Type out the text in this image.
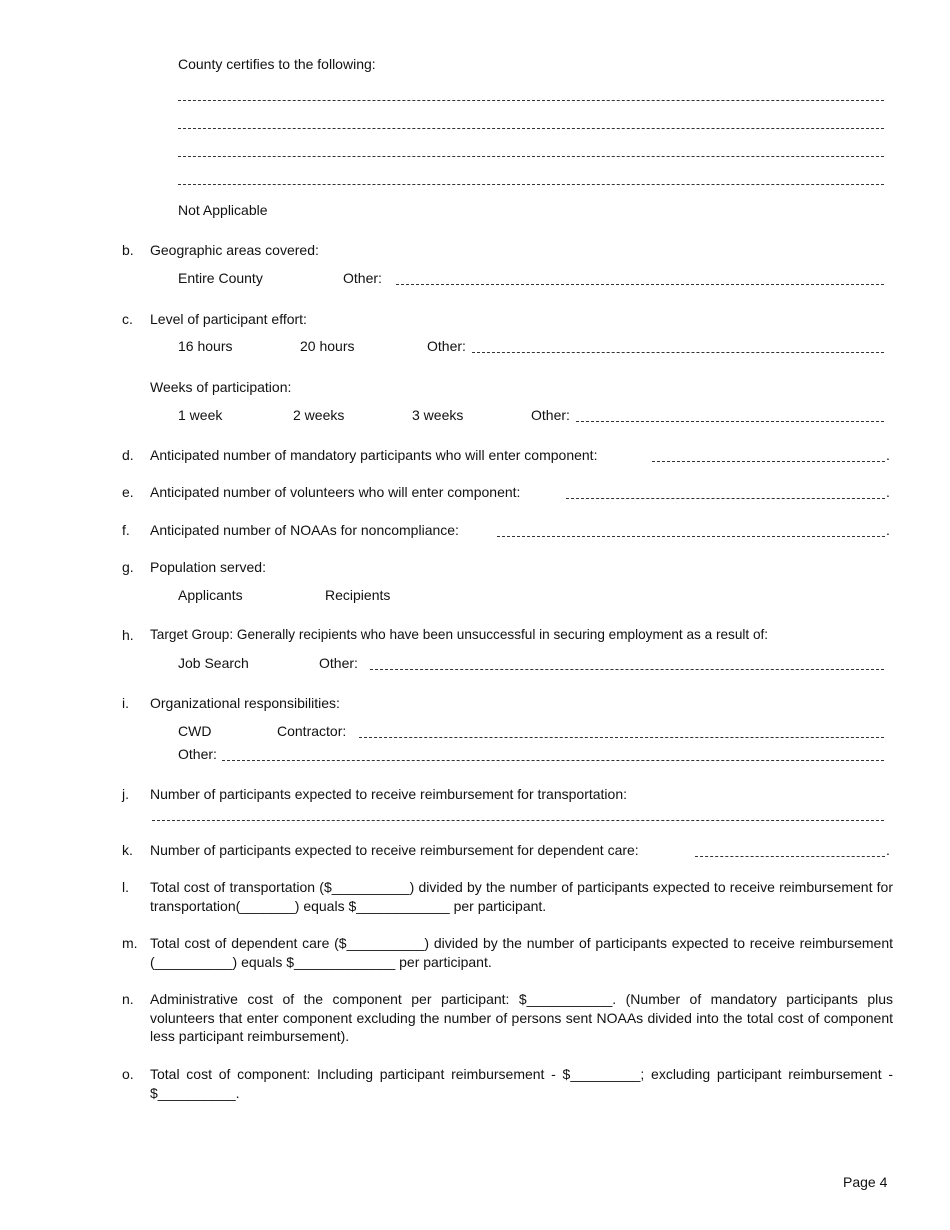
County certifies to the following:
Not Applicable
b. Geographic areas covered:
Entire County	Other:
c. Level of participant effort:
16 hours	20 hours	Other:
Weeks of participation:
1 week	2 weeks	3 weeks	Other:
d. Anticipated number of mandatory participants who will enter component:	.
e. Anticipated number of volunteers who will enter component:	.
f. Anticipated number of NOAAs for noncompliance:	.
g. Population served:
Applicants	Recipients
h. Target Group: Generally recipients who have been unsuccessful in securing employment as a result of:
Job Search	Other:
i. Organizational responsibilities:
CWD	Contractor:
Other:
j. Number of participants expected to receive reimbursement for transportation:
k. Number of participants expected to receive reimbursement for dependent care:	.
l. Total cost of transportation ($__________) divided by the number of participants expected to receive reimbursement for transportation(_______) equals $____________ per participant.
m. Total cost of dependent care ($__________) divided by the number of participants expected to receive reimbursement (__________) equals $_____________ per participant.
n. Administrative cost of the component per participant: $___________. (Number of mandatory participants plus volunteers that enter component excluding the number of persons sent NOAAs divided into the total cost of component less participant reimbursement).
o. Total cost of component: Including participant reimbursement - $_________; excluding participant reimbursement - $__________.
Page 4
